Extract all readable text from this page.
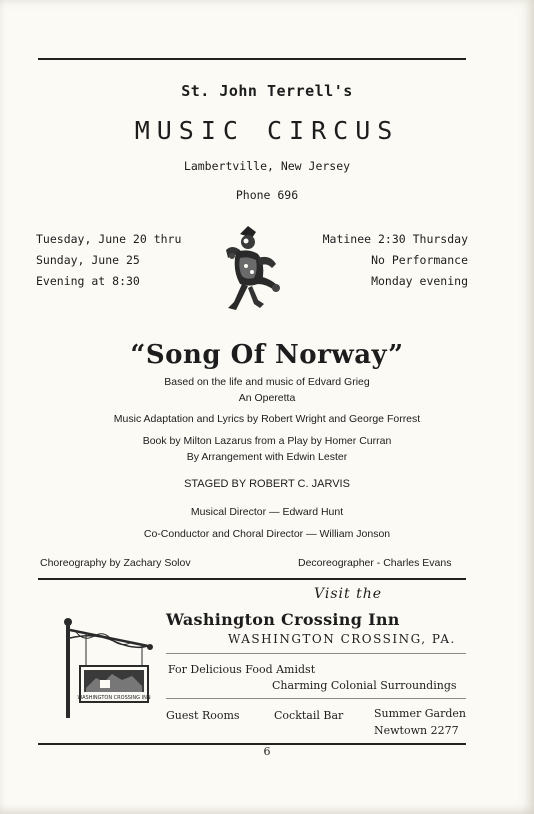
St. John Terrell's
MUSIC CIRCUS
Lambertville, New Jersey
Phone 696
Tuesday, June 20 thru
Sunday, June 25
Evening at 8:30
Matinee 2:30 Thursday
No Performance
Monday evening
“Song Of Norway”
Based on the life and music of Edvard Grieg
An Operetta
Music Adaptation and Lyrics by Robert Wright and George Forrest
Book by Milton Lazarus from a Play by Homer Curran
By Arrangement with Edwin Lester
STAGED BY ROBERT C. JARVIS
Musical Director — Edward Hunt
Co-Conductor and Choral Director — William Jonson
Choreography by Zachary Solov	Decoreographer - Charles Evans
Visit the
Washington Crossing Inn
WASHINGTON CROSSING, PA.
For Delicious Food Amidst
Charming Colonial Surroundings
Guest Rooms	Cocktail Bar	Summer Garden
Newtown 2277
WASHINGTON CROSSING INN
6
